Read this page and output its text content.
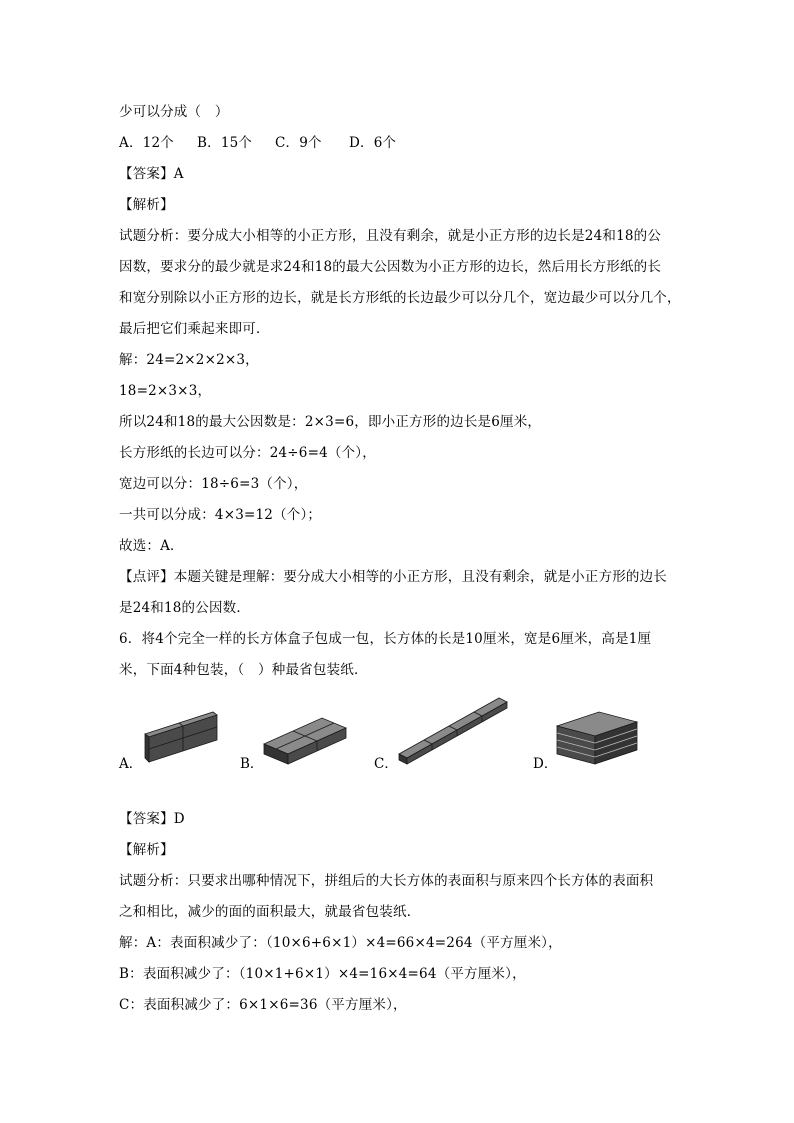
少可以分成（　）
A．12个	B．15个	C．9个	D．6个
【答案】A
【解析】
试题分析：要分成大小相等的小正方形，且没有剩余，就是小正方形的边长是24和18的公
因数，要求分的最少就是求24和18的最大公因数为小正方形的边长，然后用长方形纸的长
和宽分别除以小正方形的边长，就是长方形纸的长边最少可以分几个，宽边最少可以分几个，
最后把它们乘起来即可．
解：24=2×2×2×3，
18=2×3×3，
所以24和18的最大公因数是：2×3=6，即小正方形的边长是6厘米，
长方形纸的长边可以分：24÷6=4（个），
宽边可以分：18÷6=3（个），
一共可以分成：4×3=12（个）；
故选：A．
【点评】本题关键是理解：要分成大小相等的小正方形，且没有剩余，就是小正方形的边长
是24和18的公因数．
6．将4个完全一样的长方体盒子包成一包，长方体的长是10厘米，宽是6厘米，高是1厘
米，下面4种包装，（　）种最省包装纸．
A．	B．	C．	D．
【答案】D
【解析】
试题分析：只要求出哪种情况下，拼组后的大长方体的表面积与原来四个长方体的表面积
之和相比，减少的面的面积最大，就最省包装纸．
解：A：表面积减少了：（10×6+6×1）×4=66×4=264（平方厘米），
B：表面积减少了：（10×1+6×1）×4=16×4=64（平方厘米），
C：表面积减少了：6×1×6=36（平方厘米），
